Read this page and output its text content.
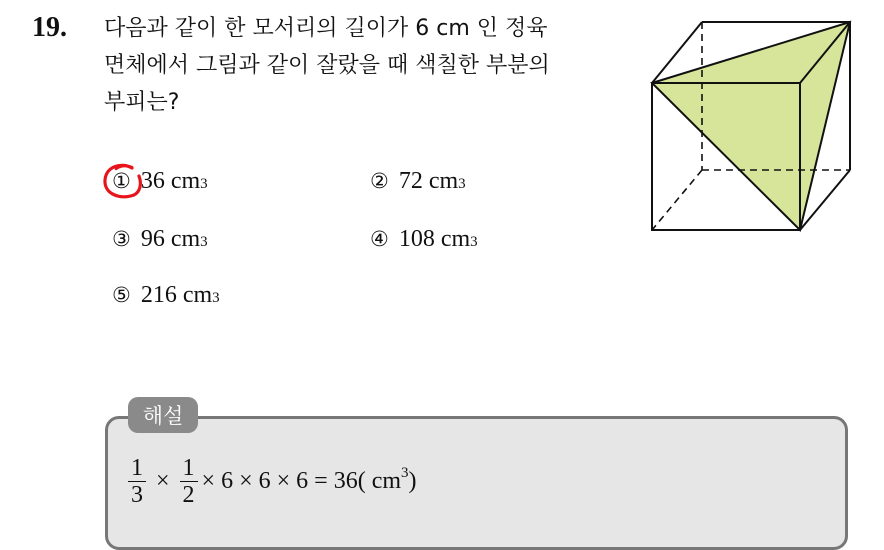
19. 다음과 같이 한 모서리의 길이가 6 cm 인 정육
면체에서 그림과 같이 잘랐을 때 색칠한 부분의
부피는?
① 36
cm 3	② 72
cm 3
③ 96
cm 3	④ 108
cm 3
⑤ 216
cm 3
해설
$\frac{1}{3} \times \frac{1}{2} \times 6 \times 6 \times 6 = 36$(
$cm^3$ )
